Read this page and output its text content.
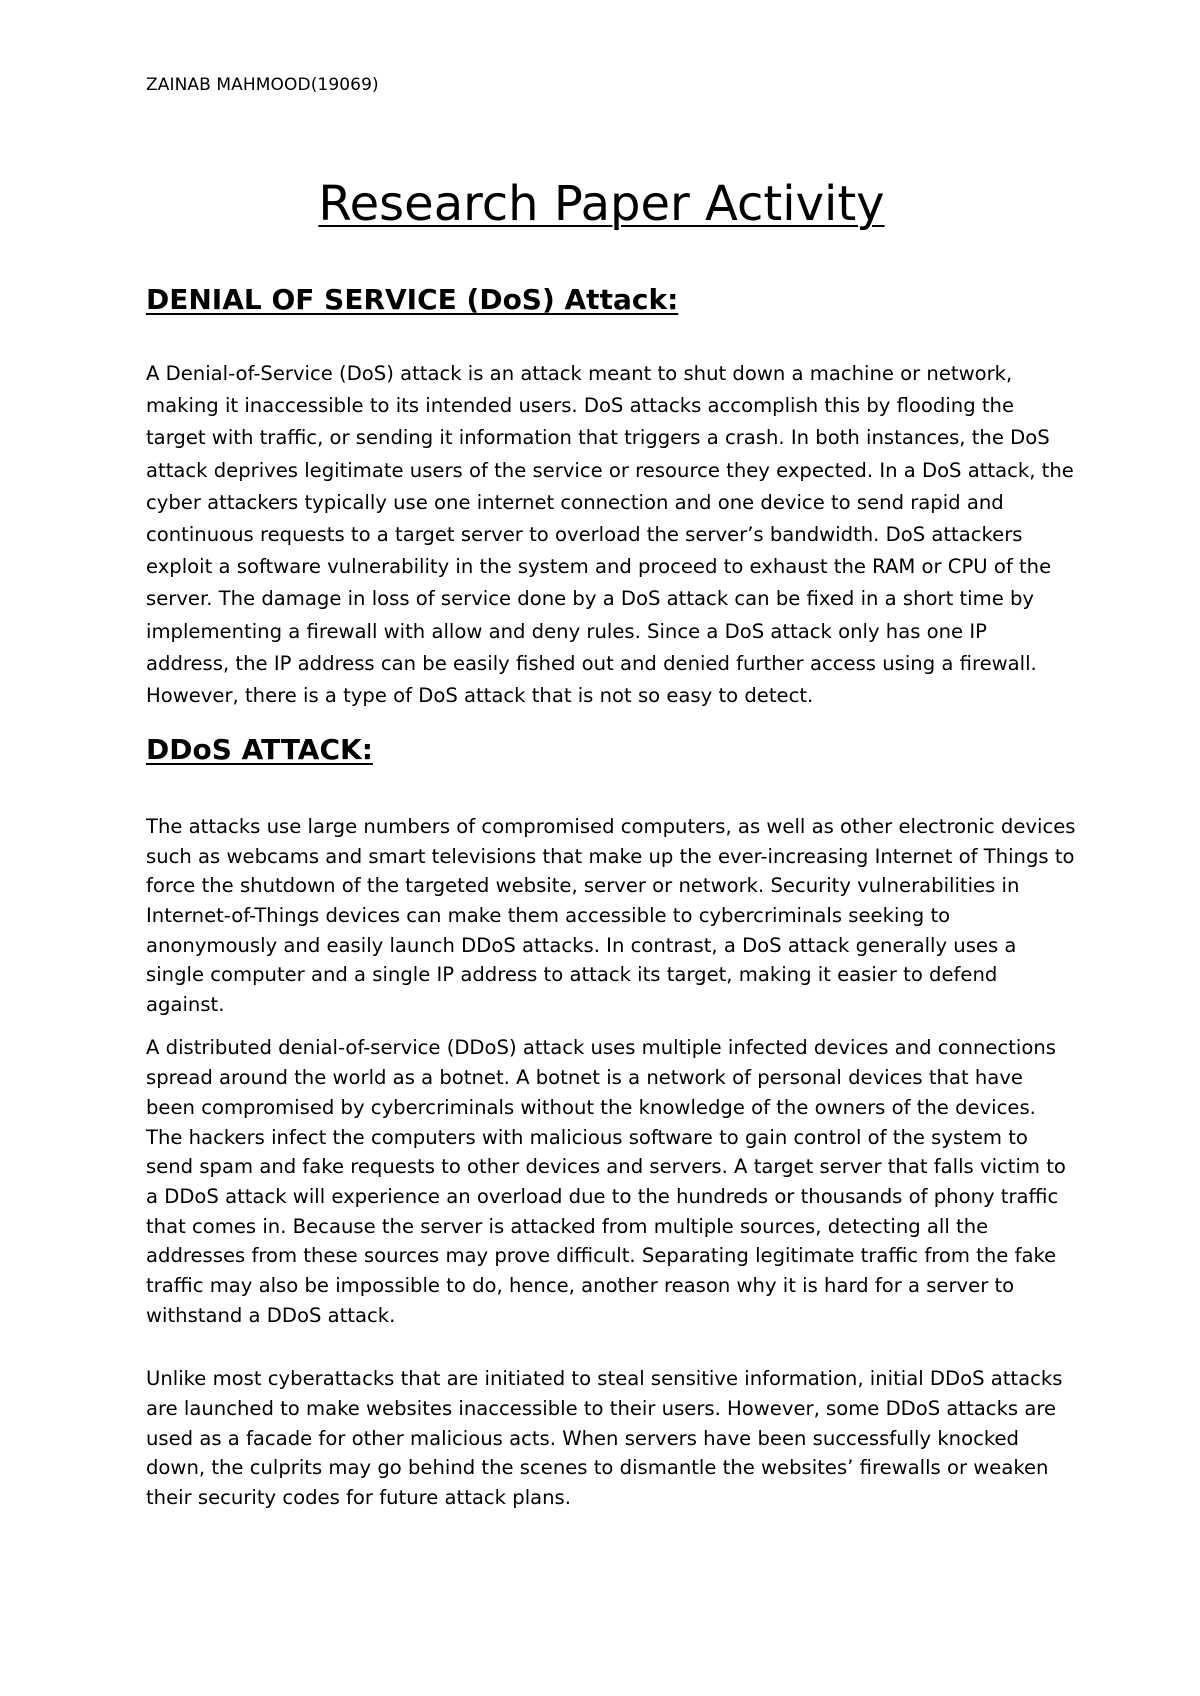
ZAINAB MAHMOOD(19069)

Research Paper Activity
DENIAL OF SERVICE (DoS) Attack:

A Denial-of-Service (DoS) attack is an attack meant to shut down a machine or network, making it inaccessible to its intended users. DoS attacks accomplish this by flooding the target with traffic, or sending it information that triggers a crash. In both instances, the DoS attack deprives legitimate users of the service or resource they expected. In a DoS attack, the cyber attackers typically use one internet connection and one device to send rapid and continuous requests to a target server to overload the server’s bandwidth. DoS attackers exploit a software vulnerability in the system and proceed to exhaust the RAM or CPU of the server. The damage in loss of service done by a DoS attack can be fixed in a short time by implementing a firewall with allow and deny rules. Since a DoS attack only has one IP address, the IP address can be easily fished out and denied further access using a firewall. However, there is a type of DoS attack that is not so easy to detect.

DDoS ATTACK:

The attacks use large numbers of compromised computers, as well as other electronic devices such as webcams and smart televisions that make up the ever-increasing Internet of Things to force the shutdown of the targeted website, server or network. Security vulnerabilities in Internet-of-Things devices can make them accessible to cybercriminals seeking to anonymously and easily launch DDoS attacks. In contrast, a DoS attack generally uses a single computer and a single IP address to attack its target, making it easier to defend against.

A distributed denial-of-service (DDoS) attack uses multiple infected devices and connections spread around the world as a botnet. A botnet is a network of personal devices that have been compromised by cybercriminals without the knowledge of the owners of the devices. The hackers infect the computers with malicious software to gain control of the system to send spam and fake requests to other devices and servers. A target server that falls victim to a DDoS attack will experience an overload due to the hundreds or thousands of phony traffic that comes in. Because the server is attacked from multiple sources, detecting all the addresses from these sources may prove difficult. Separating legitimate traffic from the fake traffic may also be impossible to do, hence, another reason why it is hard for a server to withstand a DDoS attack.

Unlike most cyberattacks that are initiated to steal sensitive information, initial DDoS attacks are launched to make websites inaccessible to their users. However, some DDoS attacks are used as a facade for other malicious acts. When servers have been successfully knocked down, the culprits may go behind the scenes to dismantle the websites’ firewalls or weaken their security codes for future attack plans.
